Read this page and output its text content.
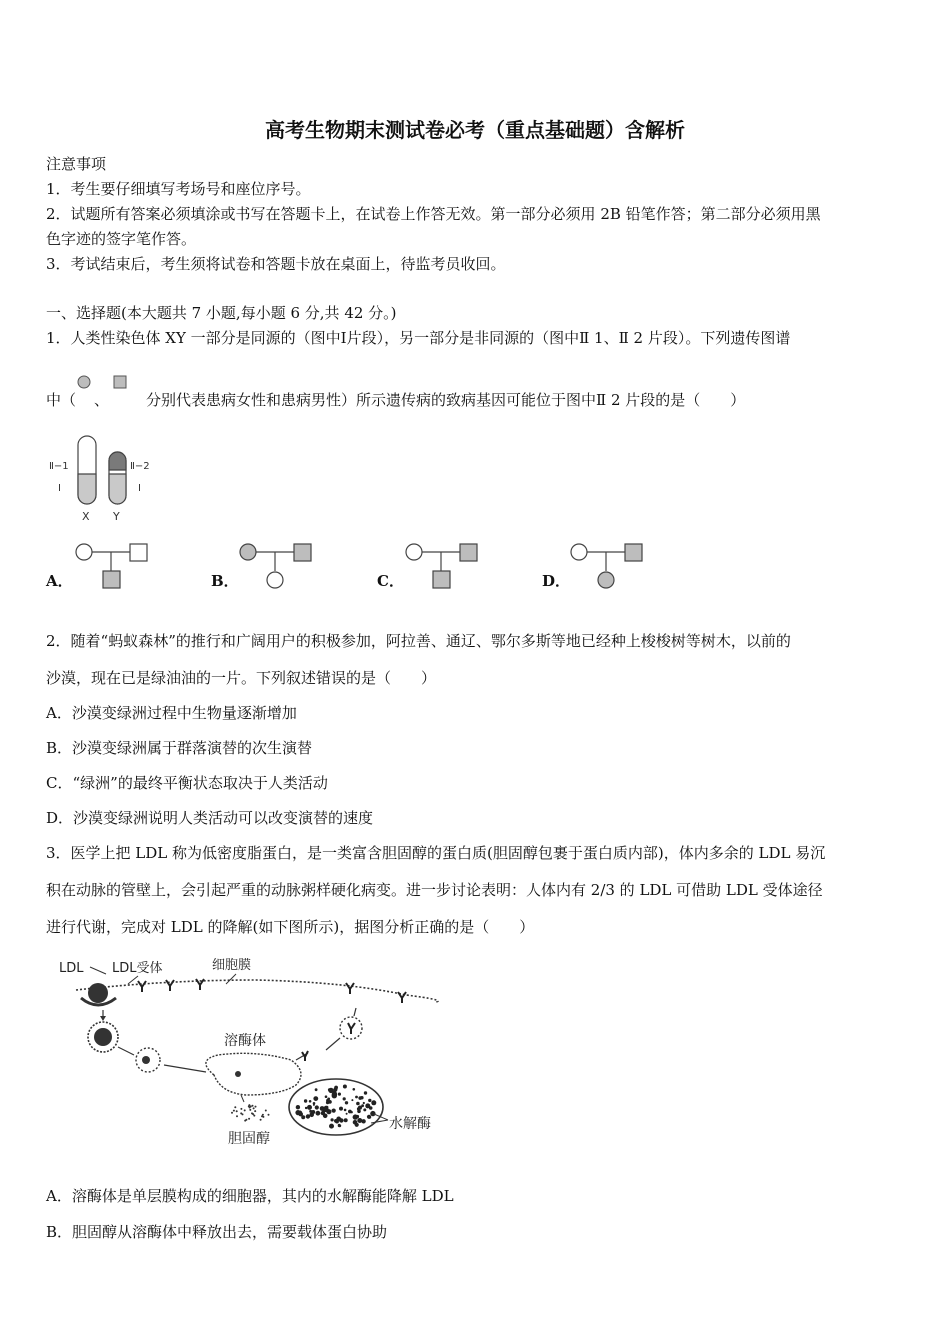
高考生物期末测试卷必考（重点基础题）含解析
注意事项
1．考生要仔细填写考场号和座位序号。
2．试题所有答案必须填涂或书写在答题卡上，在试卷上作答无效。第一部分必须用 2B 铅笔作答；第二部分必须用黑
色字迹的签字笔作答。
3．考试结束后，考生须将试卷和答题卡放在桌面上，待监考员收回。
一、选择题(本大题共 7 小题,每小题 6 分,共 42 分。)
1．人类性染色体 XY 一部分是同源的（图中Ⅰ片段），另一部分是非同源的（图中Ⅱ 1、Ⅱ 2 片段）。下列遗传图谱
中（ 、 分别代表患病女性和患病男性）所示遗传病的致病基因可能位于图中Ⅱ 2 片段的是（　　）
Ⅱ−1
Ⅰ
Ⅱ−2
Ⅰ
X Y
A．	B．	C．	D．
2．随着“蚂蚁森林”的推行和广阔用户的积极参加，阿拉善、通辽、鄂尔多斯等地已经种上梭梭树等树木，以前的
沙漠，现在已是绿油油的一片。下列叙述错误的是（　　）
A．沙漠变绿洲过程中生物量逐渐增加
B．沙漠变绿洲属于群落演替的次生演替
C．“绿洲”的最终平衡状态取决于人类活动
D．沙漠变绿洲说明人类活动可以改变演替的速度
3．医学上把 LDL 称为低密度脂蛋白，是一类富含胆固醇的蛋白质(胆固醇包裹于蛋白质内部)，体内多余的 LDL 易沉
积在动脉的管壁上，会引起严重的动脉粥样硬化病变。进一步讨论表明：人体内有 2/3 的 LDL 可借助 LDL 受体途径
进行代谢，完成对 LDL 的降解(如下图所示)，据图分析正确的是（　　）
LDL LDL受体	细胞膜
溶酶体
水解酶
胆固醇
A．溶酶体是单层膜构成的细胞器，其内的水解酶能降解 LDL
B．胆固醇从溶酶体中释放出去，需要载体蛋白协助
